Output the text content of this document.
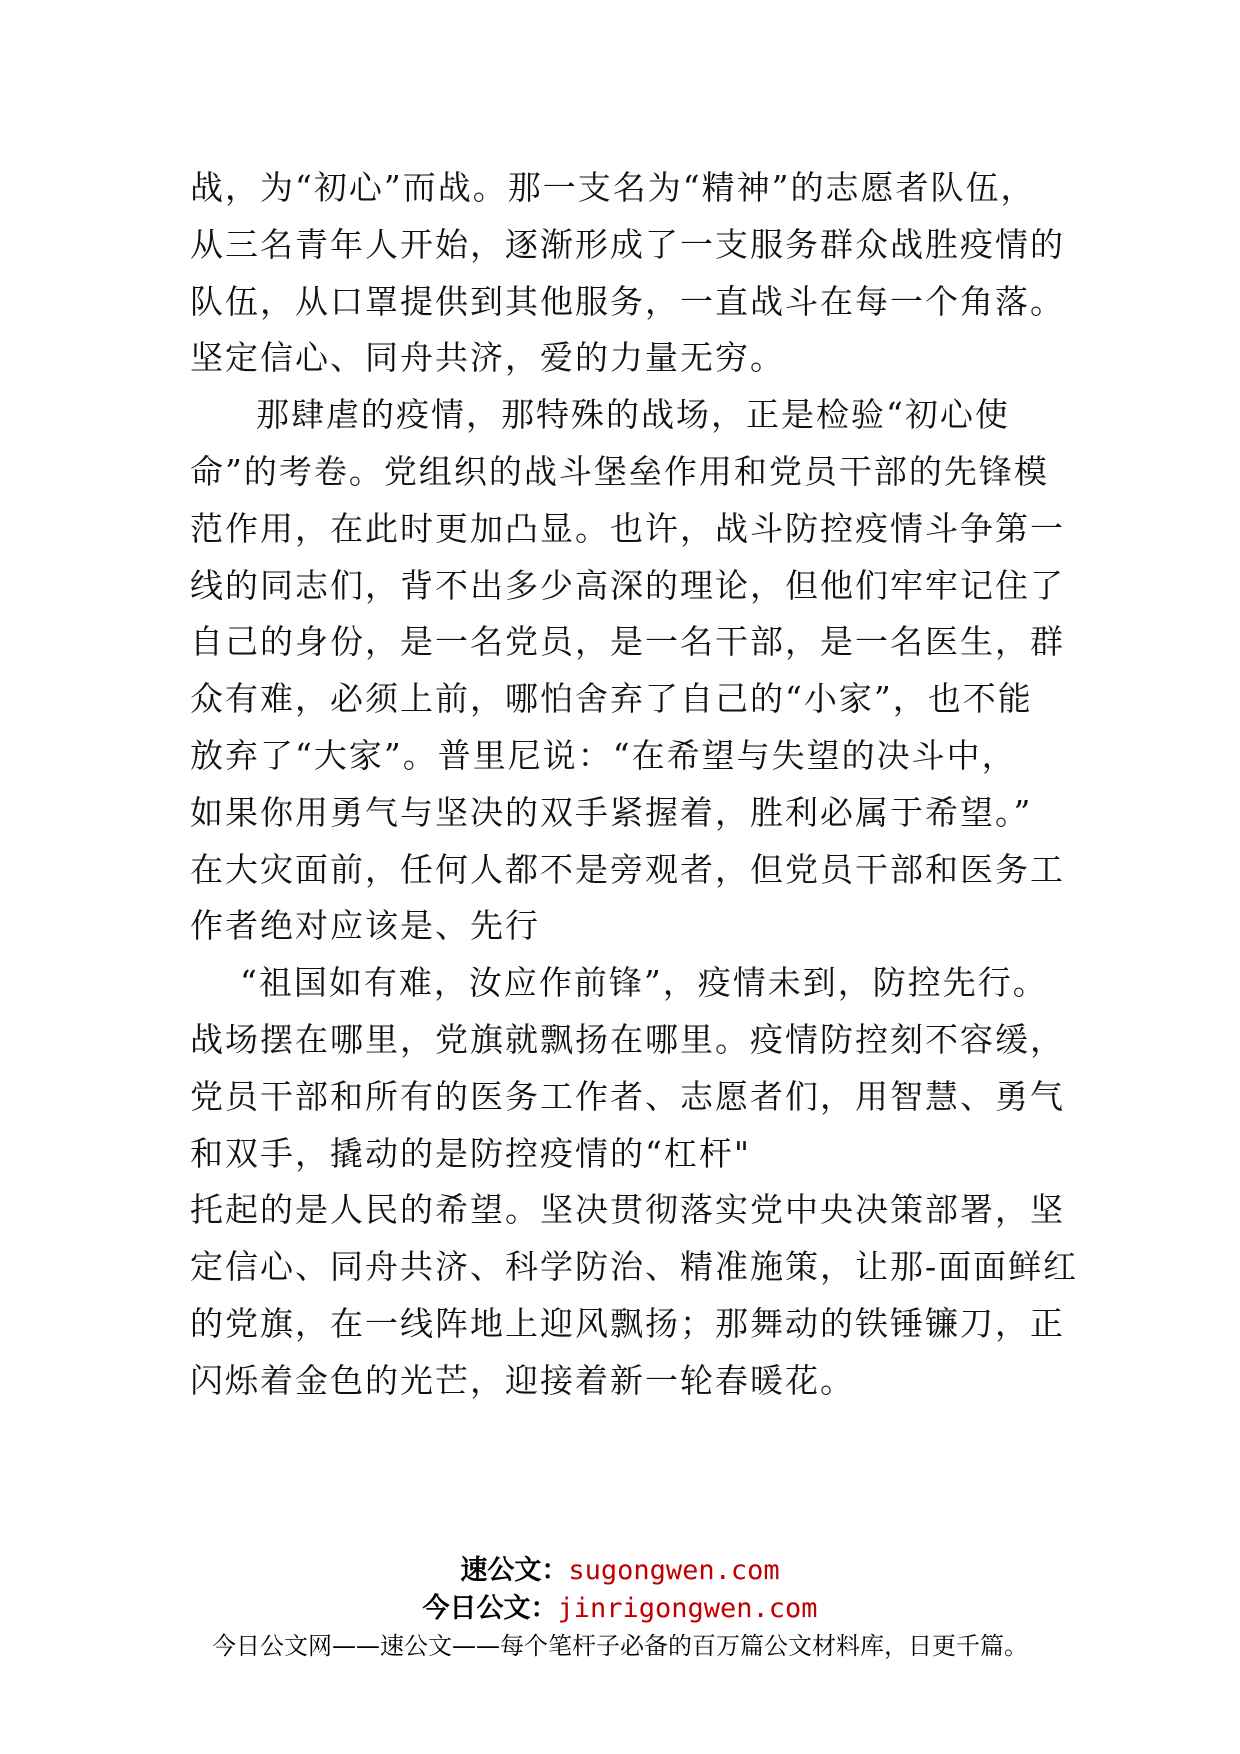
战，为“初心”而战。那一支名为“精神”的志愿者队伍，
从三名青年人开始，逐渐形成了一支服务群众战胜疫情的
队伍，从口罩提供到其他服务，一直战斗在每一个角落。
坚定信心、同舟共济，爱的力量无穷。
那肆虐的疫情，那特殊的战场，正是检验“初心使
命”的考卷。党组织的战斗堡垒作用和党员干部的先锋模
范作用，在此时更加凸显。也许，战斗防控疫情斗争第一
线的同志们，背不出多少高深的理论，但他们牢牢记住了
自己的身份，是一名党员，是一名干部，是一名医生，群
众有难，必须上前，哪怕舍弃了自己的“小家”，也不能
放弃了“大家”。普里尼说：“在希望与失望的决斗中，
如果你用勇气与坚决的双手紧握着，胜利必属于希望。”
在大灾面前，任何人都不是旁观者，但党员干部和医务工
作者绝对应该是、先行
“祖国如有难，汝应作前锋”，疫情未到，防控先行。
战场摆在哪里，党旗就飘扬在哪里。疫情防控刻不容缓，
党员干部和所有的医务工作者、志愿者们，用智慧、勇气
和双手，撬动的是防控疫情的“杠杆"
托起的是人民的希望。坚决贯彻落实党中央决策部署，坚
定信心、同舟共济、科学防治、精准施策，让那-面面鲜红
的党旗，在一线阵地上迎风飘扬；那舞动的铁锤镰刀，正
闪烁着金色的光芒，迎接着新一轮春暖花。
速公文：sugongwen.com
今日公文：jinrigongwen.com
今日公文网——速公文——每个笔杆子必备的百万篇公文材料库，日更千篇。
